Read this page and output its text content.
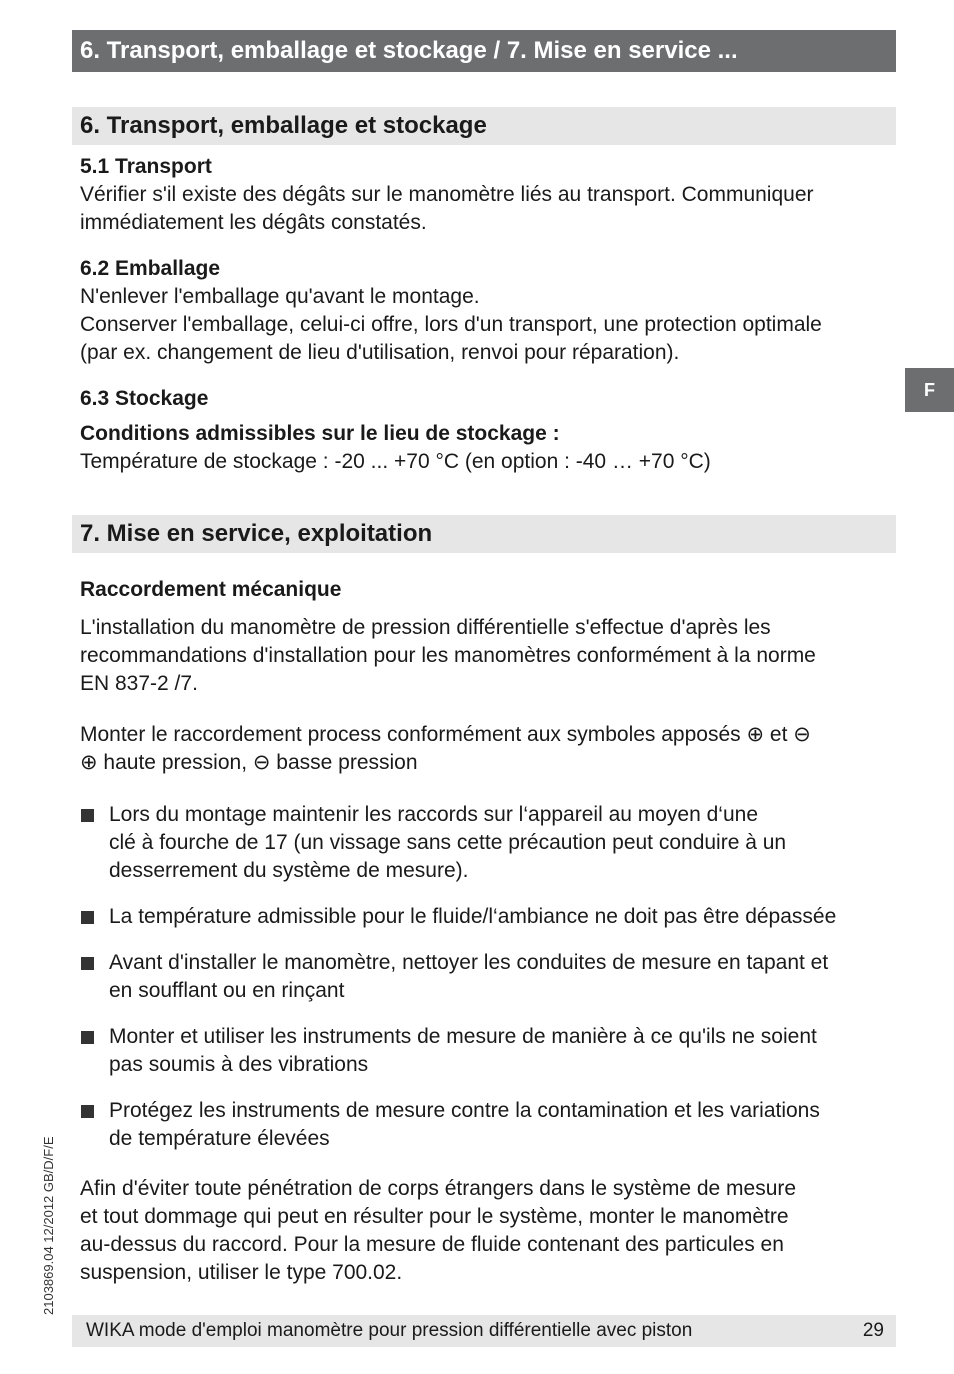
6. Transport, emballage et stockage / 7. Mise en service ...
6. Transport, emballage et stockage

5.1 Transport

Vérifier s'il existe des dégâts sur le manomètre liés au transport. Communiquer
immédiatement les dégâts constatés.

6.2 Emballage

N'enlever l'emballage qu'avant le montage.
Conserver l'emballage, celui-ci offre, lors d'un transport, une protection optimale
(par ex. changement de lieu d'utilisation, renvoi pour réparation).

6.3 Stockage

Conditions admissibles sur le lieu de stockage :

Température de stockage : -20 ... +70 °C (en option : -40 … +70 °C)

7. Mise en service, exploitation

Raccordement mécanique

L'installation du manomètre de pression différentielle s'effectue d'après les
recommandations d'installation pour les manomètres conformément à la norme
EN 837-2 /7.
Monter le raccordement process conformément aux symboles apposés ⊕ et ⊖
⊕ haute pression, ⊖ basse pression
Lors du montage maintenir les raccords sur l‘appareil au moyen d‘une
clé à fourche de 17 (un vissage sans cette précaution peut conduire à un
desserrement du système de mesure).
La température admissible pour le fluide/l‘ambiance ne doit pas être dépassée
Avant d'installer le manomètre, nettoyer les conduites de mesure en tapant et
en soufflant ou en rinçant
Monter et utiliser les instruments de mesure de manière à ce qu'ils ne soient
pas soumis à des vibrations
Protégez les instruments de mesure contre la contamination et les variations
de température élevées
Afin d'éviter toute pénétration de corps étrangers dans le système de mesure
et tout dommage qui peut en résulter pour le système, monter le manomètre
au-dessus du raccord. Pour la mesure de fluide contenant des particules en
suspension, utiliser le type 700.02.
F
2103869.04 12/2012 GB/D/F/E
WIKA mode d'emploi manomètre pour pression différentielle avec piston	29
